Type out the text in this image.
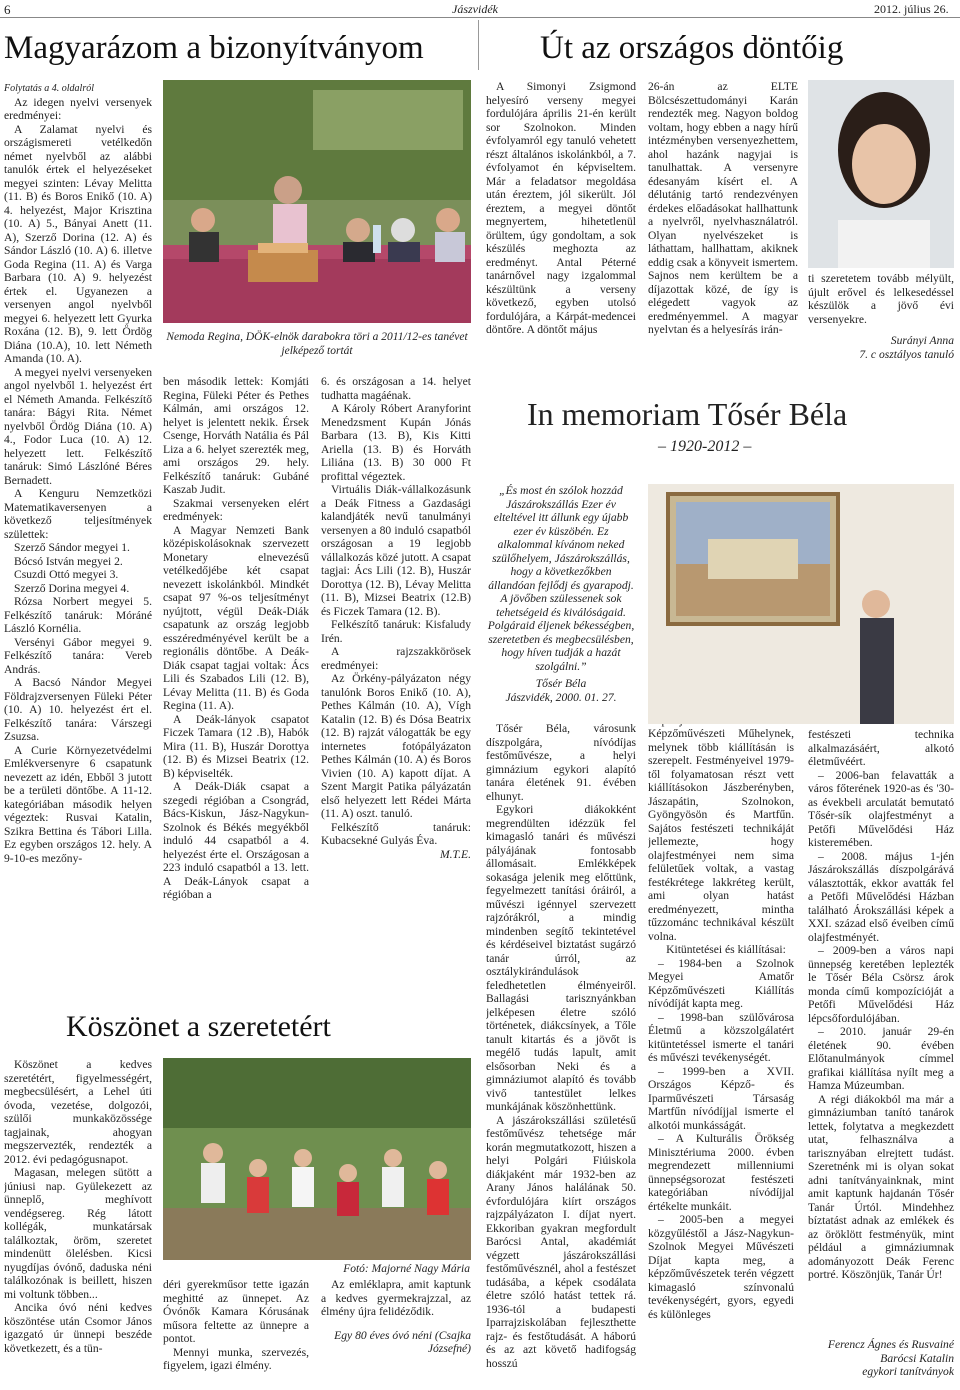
6	Jászvidék	2012. július 26.
Magyarázom a bizonyítványom

Folytatás a 4. oldalról

Az idegen nyelvi versenyek eredményei:

A Zalamat nyelvi és országismereti vetélkedőn német nyelvből az alábbi tanulók értek el helyezéseket megyei szinten: Lévay Melitta (11. B) és Boros Enikő (10. A) 4. helyezést, Major Krisztina (10. A) 5., Bányai Anett (11. A), Szerző Dorina (12. A) és Sándor László (10. A) 6. illetve Goda Regina (11. A) és Varga Barbara (10. A) 9. helyezést értek el. Ugyanezen a versenyen angol nyelvből megyei 6. helyezett lett Gyurka Roxána (12. B), 9. lett Ördög Diána (10.A), 10. lett Németh Amanda (10. A).

A megyei nyelvi versenyeken angol nyelvből 1. helyezést ért el Németh Amanda. Felkészítő tanára: Bágyi Rita. Német nyelvből Ördög Diána (10. A) 4., Fodor Luca (10. A) 12. helyezett lett. Felkészítő tanáruk: Simó Lászlóné Béres Bernadett.

A Kenguru Nemzetközi Matematikaversenyen a következő teljesítmények születtek:

Szerző Sándor megyei 1.

Bócsó István megyei 2.

Csuzdi Ottó megyei 3.

Szerző Dorina megyei 4.

Rózsa Norbert megyei 5. Felkészítő tanáruk: Móráné László Kornélia.

Versényi Gábor megyei 9. Felkészítő tanára: Vereb András.

A Bacsó Nándor Megyei Földrajzversenyen Füleki Péter (10. A) 10. helyezést ért el. Felkészítő tanára: Várszegi Zsuzsa.

A Curie Környezetvédelmi Emlékversenyre 6 csapatunk nevezett az idén, Ebből 3 jutott be a területi döntőbe. A 11-12. kategóriában második helyen végeztek: Rusvai Katalin, Szikra Bettina és Tábori Lilla. Ez egyben országos 12. hely. A 9-10-es mezőny-

Nemoda Regina, DÖK-elnök darabokra töri a 2011/12-es tanévet jelképező tortát

ben második lettek: Komjáti Regina, Füleki Péter és Pethes Kálmán, ami országos 12. helyet is jelentett nekik. Érsek Csenge, Horváth Natália és Pál Liza a 6. helyet szerezték meg, ami országos 29. hely. Felkészítő tanáruk: Gubáné Kaszab Judit.

Szakmai versenyeken elért eredmények:

A Magyar Nemzeti Bank középiskolásoknak szervezett Monetary elnevezésű vetélkedőjébe két csapat nevezett iskolánkból. Mindkét csapat 97 %-os teljesítményt nyújtott, végül Deák-Diák csapatunk az ország legjobb esszéredményével került be a regionális döntőbe. A Deák-Diák csapat tagjai voltak: Ács Lili és Szabados Lili (12. B), Lévay Melitta (11. B) és Goda Regina (11. A).

A Deák-lányok csapatot Ficzek Tamara (12 .B), Habók Mira (11. B), Huszár Dorottya (12. B) és Mizsei Beatrix (12. B) képviselték.

A Deák-Diák csapat a szegedi régióban a Csongrád, Bács-Kiskun, Jász-Nagykun-Szolnok és Békés megyékből induló 44 csapatból a 4. helyezést érte el. Országosan a 223 induló csapatból a 13. lett. A Deák-Lányok csapat a régióban a

6. és országosan a 14. helyet tudhatta magáénak.

A Károly Róbert Aranyforint Menedzsment Kupán Jónás Barbara (13. B), Kis Kitti Ariella (13. B) és Horváth Liliána (13. B) 30 000 Ft profittal végeztek.

Virtuális Diák-vállalkozásunk a Deák Fitness a Gazdasági kalandjáték nevű tanulmányi versenyen a 80 induló csapatból országosan a 19 legjobb vállalkozás közé jutott. A csapat tagjai: Ács Lili (12. B), Huszár Dorottya (12. B), Lévay Melitta (11. B), Mizsei Beatrix (12.B) és Ficzek Tamara (12. B).

Felkészítő tanáruk: Kisfaludy Irén.

A rajzszakkörösek eredményei:

Az Örkény-pályázaton négy tanulónk Boros Enikő (10. A), Pethes Kálmán (10. A), Vígh Katalin (12. B) és Dósa Beatrix (12. B) rajzát válogatták be egy internetes fotópályázaton Pethes Kálmán (10. A) és Boros Vivien (10. A) kapott díjat. A Szent Margit Patika pályázatán első helyezett lett Rédei Márta (11. A) oszt. tanuló.

Felkészítő tanáruk: Kubacsekné Gulyás Éva.

M.T.E.

Köszönet a szeretetért

Köszönet a kedves szeretétért, figyelmességért, megbecsülésért, a Lehel úti óvoda, vezetése, dolgozói, szülői munkaközössége tagjainak, ahogyan megszervezték, rendezték a 2012. évi pedagógusnapot.

Magasan, melegen sütött a júniusi nap. Gyülekezett az ünneplő, meghívott vendégsereg. Rég látott kollégák, munkatársak találkoztak, öröm, szeretet mindenütt ölelésben. Kicsi nyugdíjas óvónő, daduska néni találkozónak is beillett, hiszen mi voltunk többen...

Ancika óvó néni kedves köszöntése után Csomor János igazgató úr ünnepi beszéde következett, és a tün-

Fotó: Majorné Nagy Mária

déri gyerekműsor tette igazán meghitté az ünnepet. Az Óvónők Kamara Kórusának műsora feltette az ünnepre a pontot.

Mennyi munka, szervezés, figyelem, igazi élmény.

Az emléklapra, amit kaptunk a kedves gyermekrajzzal, az élmény újra felidéződik.

Egy 80 éves óvó néni (Csajka Józsefné)

Út az országos döntőig

A Simonyi Zsigmond helyesíró verseny megyei fordulójára április 21-én került sor Szolnokon. Minden évfolyamról egy tanuló vehetett részt általános iskolánkból, a 7. évfolyamot én képviseltem. Már a feladatsor megoldása után éreztem, jól sikerült. Jól éreztem, a megyei döntőt megnyertem, hihetetlenül örültem, úgy gondoltam, a sok készülés meghozta az eredményt. Antal Péterné tanárnővel nagy izgalommal készültünk a verseny következő, egyben utolsó fordulójára, a Kárpát-medencei döntőre. A döntőt május

26-án az ELTE Bölcsészettudományi Karán rendezték meg. Nagyon boldog voltam, hogy ebben a nagy hírű intézményben versenyezhettem, ahol hazánk nagyjai is tanulhattak. A versenyre édesanyám kísért el. A délutánig tartó rendezvényen érdekes előadásokat hallhattunk a nyelvről, nyelvhasználatról. Olyan nyelvészeket is láthattam, hallhattam, akiknek eddig csak a könyveit ismertem. Sajnos nem kerültem be a díjazottak közé, de így is elégedett vagyok az eredményemmel. A magyar nyelvtan és a helyesírás irán-

ti szeretetem tovább mélyült, újult erővel és lelkesedéssel készülök a jövő évi versenyekre.

Surányi Anna

7. c osztályos tanuló

In memoriam Tősér Béla
– 1920-2012 –

„És most én szólok hozzád Jászárokszállás Ezer év elteltével itt állunk egy újabb ezer év küszöbén. Ez alkalommal kívánom neked szülőhelyem, Jászárokszállás, hogy a következőkben állandóan fejlődj és gyarapodj. A jövőben szülessenek sok tehetségeid és kiválóságaid. Polgáraid éljenek békességben, szeretetben és megbecsülésben, hogy híven tudják a hazát szolgálni.”

Tősér Béla

Jászvidék, 2000. 01. 27.

Tősér Béla, városunk díszpolgára, nívódíjas festőművésze, a helyi gimnázium egykori alapító tanára életének 91. évében elhunyt.

Egykori diákokként megrendülten idézzük fel kimagasló tanári és művészi pályájának fontosabb állomásait. Emlékképek sokasága jelenik meg előttünk, fegyelmezett tanítási óráiról, a művészi igénnyel szervezett rajzórákról, a mindig mindenben segítő tekintetével és kérdéseivel biztatást sugárzó tanár úrról, az osztálykirándulások feledhetetlen élményeiről. Ballagási tarisznyánkban jelképesen életre szóló történetek, diákcsínyek, a Tőle tanult kitartás és a jövőt is megélő tudás lapult, amit elsősorban Neki és a gimnáziumot alapító és tovább vivő tantestület lelkes munkájának köszönhettünk.

A jászárokszállási születésű festőművész tehetsége már korán megmutatkozott, hiszen a helyi Polgári Fiúiskola diákjaként már 1932-ben az Arany János halálának 50. évfordulójára kiírt országos rajzpályázaton I. díjat nyert. Ekkoriban gyakran megfordult Barócsi Antal, akadémiát végzett jászárokszállási festőművésznél, ahol a festészet tudásába, a képek csodálata életre szóló hatást tettek rá. 1936-tól a budapesti Iparrajziskolában fejleszthette rajz- és festőtudását. A háború és az azt követő hadifogság hosszú

Képzőművészeti Műhelynek, melynek több kiállításán is szerepelt. Festményeivel 1979-től folyamatosan részt vett kiállításokon Jászberényben, Jászapátin, Szolnokon, Gyöngyösön és Martfűn. Sajátos festészeti technikáját jellemezte, hogy olajfestményei nem sima felületűek voltak, a vastag festékrétege lakkréteg került, ami olyan hatást eredményezett, mintha tűzzománc technikával készült volna.

Kitüntetései és kiállításai:

– 1984-ben a Szolnok Megyei Amatőr Képzőművészeti Kiállítás nívódíját kapta meg.

– 1998-ban szülővárosa Életmű a közszolgálatért kitüntetéssel ismerte el tanári és művészi tevékenységét.

– 1999-ben a XVII. Országos Képző- és Iparművészeti Társaság Martfűn nívódíjjal ismerte el alkotói munkásságát.

– A Kulturális Örökség Minisztériuma 2000. évben megrendezett millenniumi ünnepségsorozat festészeti kategóriában nívódíjjal értékelte munkáit.

– 2005-ben a megyei közgyűléstől a Jász-Nagykun-Szolnok Megyei Művészeti Díjat kapta meg, a képzőművészetek terén végzett kimagasló színvonalú tevékenységért, gyors, egyedi és különleges

festészeti technika alkalmazásáért, alkotó életművéért.

– 2006-ban felavatták a város főterének 1920-as és '30-as évekbeli arculatát bemutató Tősér-sík olajfestményt a Petőfi Művelődési Ház kisteremében.

– 2008. május 1-jén Jászárokszállás díszpolgárává választották, ekkor avatták fel a Petőfi Művelődési Házban található Árokszállási képek a XXI. század első éveiben című olajfestményét.

– 2009-ben a város napi ünnepség keretében leplezték le Tősér Béla Csörsz árok monda című kompozícióját a Petőfi Művelődési Ház lépcsőfordulójában.

– 2010. január 29-én életének 90. évében Előtanulmányok címmel grafikai kiállítása nyílt meg a Hamza Múzeumban.

A régi diákokból ma már a gimnáziumban tanító tanárok lettek, folytatva a megkezdett utat, felhasználva a tarisznyában elrejtett tudást. Szeretnénk mi is olyan sokat adni tanítványainknak, mint amit kaptunk hajdanán Tősér Tanár Úrtól. Mindehhez bíztatást adnak az emlékek és az öröklött festményük, mint például a gimnáziumnak adományozott Deák Ferenc portré. Köszönjük, Tanár Úr!

Ferencz Ágnes és Rusvainé Barócsi Katalin

egykori tanítványok
